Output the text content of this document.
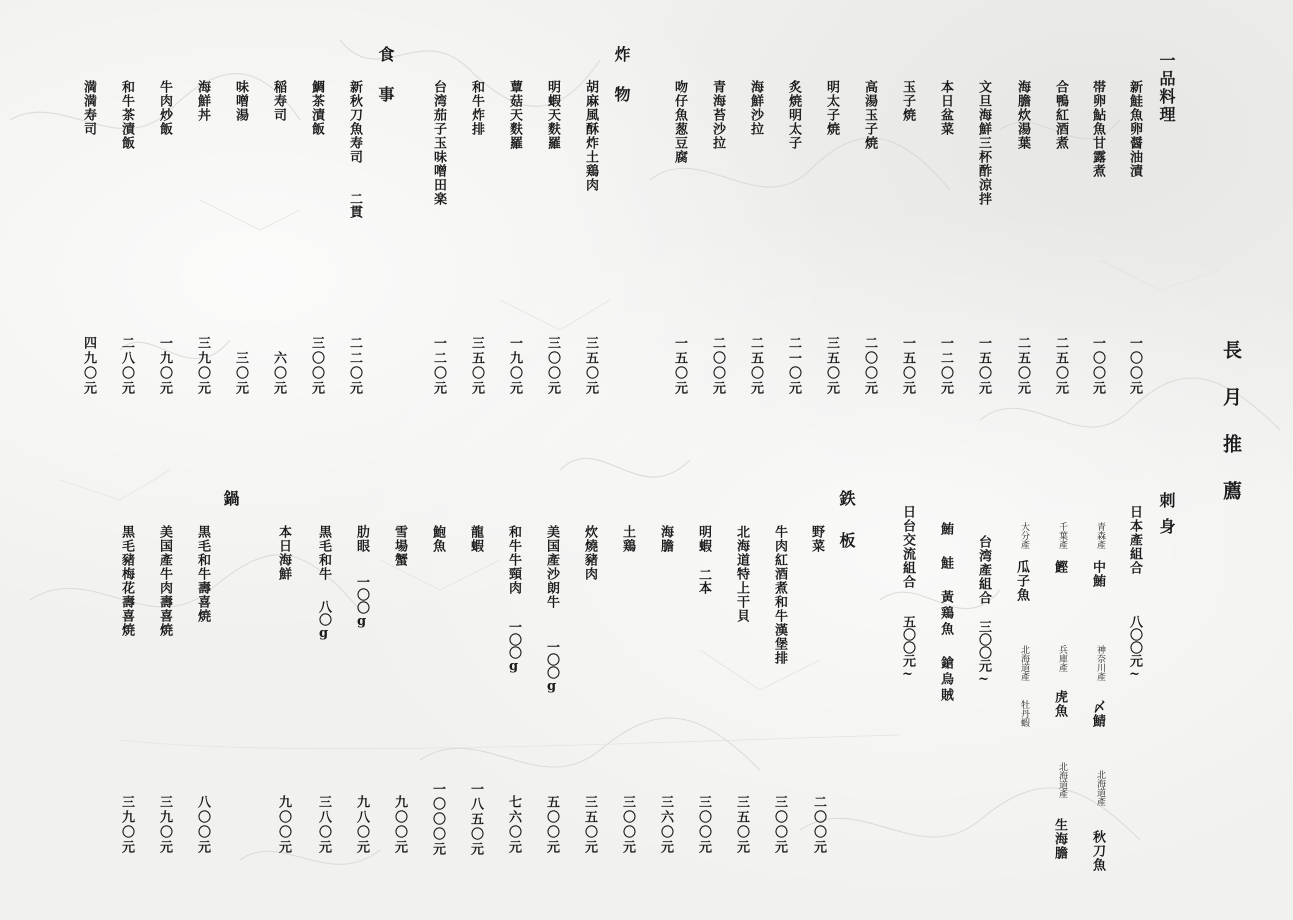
長月推薦
一品料理
新鮭魚卵醤油漬
帯卵鮎魚甘露煮
合鴨紅酒煮
海膽炊湯葉
文旦海鮮三杯酢涼拌
本日盆菜
玉子焼
高湯玉子焼
明太子焼
炙焼明太子
海鮮沙拉
青海苔沙拉
吻仔魚葱豆腐
一〇〇元
一〇〇元
二五〇元
二五〇元
一五〇元
一二〇元
一五〇元
二〇〇元
三五〇元
二一〇元
二五〇元
二〇〇元
一五〇元
炸物
胡麻風酥炸土鶏肉
明蝦天麩羅
蕈菇天麩羅
和牛炸排
台湾茄子玉味噌田楽
三五〇元
三〇〇元
一九〇元
三五〇元
一二〇元
食事
新秋刀魚寿司
二貫
鯛茶漬飯
稲寿司
味噌湯
海鮮丼
牛肉炒飯
和牛茶漬飯
満満寿司
二二〇元
三〇〇元
六〇元
三〇元
三九〇元
一九〇元
二八〇元
四九〇元
刺身
日本產組合
八〇〇元~
青森產
中鮪
神奈川產
〆鯖
北海道產
秋刀魚
千葉產
鰹
兵庫產
虎魚
北海道產
生海膽
大分產
瓜子魚
北海道產
牡丹蝦
台湾產組合
三〇〇元~
鮪 鮭 黃鶏魚 鎗烏賊
日台交流組合
五〇〇元~
鉄板
野菜
牛肉紅酒煮和牛漢堡排
北海道特上干貝
明蝦
二本
海膽
土鶏
炊燒豬肉
美国產沙朗牛
一〇〇g
和牛牛頸肉
一〇〇g
龍蝦
鮑魚
雪場蟹
肋眼
一〇〇g
黒毛和牛
八〇g
二〇〇元
三〇〇元
三五〇元
三〇〇元
三六〇元
三〇〇元
三五〇元
五〇〇元
七六〇元
一八五〇元
一〇〇〇元
九〇〇元
九八〇元
鍋
本日海鮮
黒毛和牛壽喜焼
美国產牛肉壽喜焼
黒毛豬梅花壽喜焼
三八〇元
九〇〇元
八〇〇元
三九〇元
三九〇元
